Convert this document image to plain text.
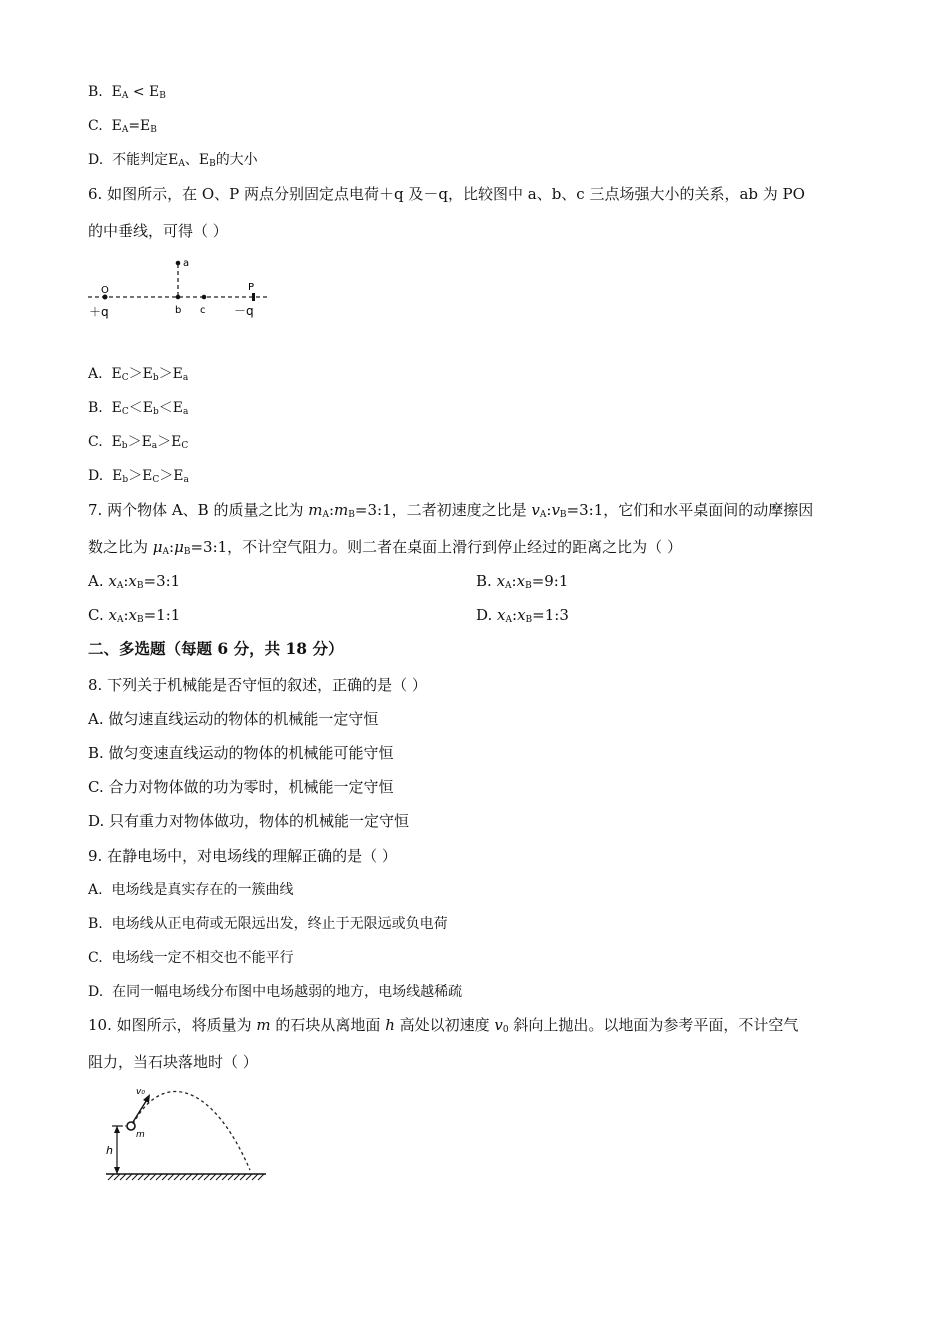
B. $E_A < E_B$
C. $E_A=E_B$
D. 不能判定$E_A$、$E_B$的大小
6. 如图所示，在 O、P 两点分别固定点电荷＋q 及－q，比较图中 a、b、c 三点场强大小的关系，ab 为 PO
的中垂线，可得（ ）
a
O	P
b c
＋q	－q
A.  $E_C>E_b>E_a$
B.  $E_C<E_b<E_a$
C.  $E_b>E_a>E_C$
D.  $E_b>E_C>E_a$
7. 两个物体 A、B 的质量之比为 $m_A:m_B=3:1$，二者初速度之比是 $v_A:v_B=3:1$，它们和水平桌面间的动摩擦因
数之比为 $\mu_A:\mu_B=3:1$，不计空气阻力。则二者在桌面上滑行到停止经过的距离之比为（ ）
A. $x_A:x_B=3:1$	B. $x_A:x_B=9:1$
C. $x_A:x_B=1:1$	D. $x_A:x_B=1:3$
二、多选题（每题 6 分，共 18 分）
8. 下列关于机械能是否守恒的叙述，正确的是（ ）
A. 做匀速直线运动的物体的机械能一定守恒
B. 做匀变速直线运动的物体的机械能可能守恒
C. 合力对物体做的功为零时，机械能一定守恒
D. 只有重力对物体做功，物体的机械能一定守恒
9. 在静电场中，对电场线的理解正确的是（ ）
A. 电场线是真实存在的一簇曲线
B. 电场线从正电荷或无限远出发，终止于无限远或负电荷
C. 电场线一定不相交也不能平行
D. 在同一幅电场线分布图中电场越弱的地方，电场线越稀疏
10. 如图所示，将质量为 m 的石块从离地面 h 高处以初速度 $v_0$ 斜向上抛出。以地面为参考平面，不计空气
阻力，当石块落地时（ ）
h
m
v₀
